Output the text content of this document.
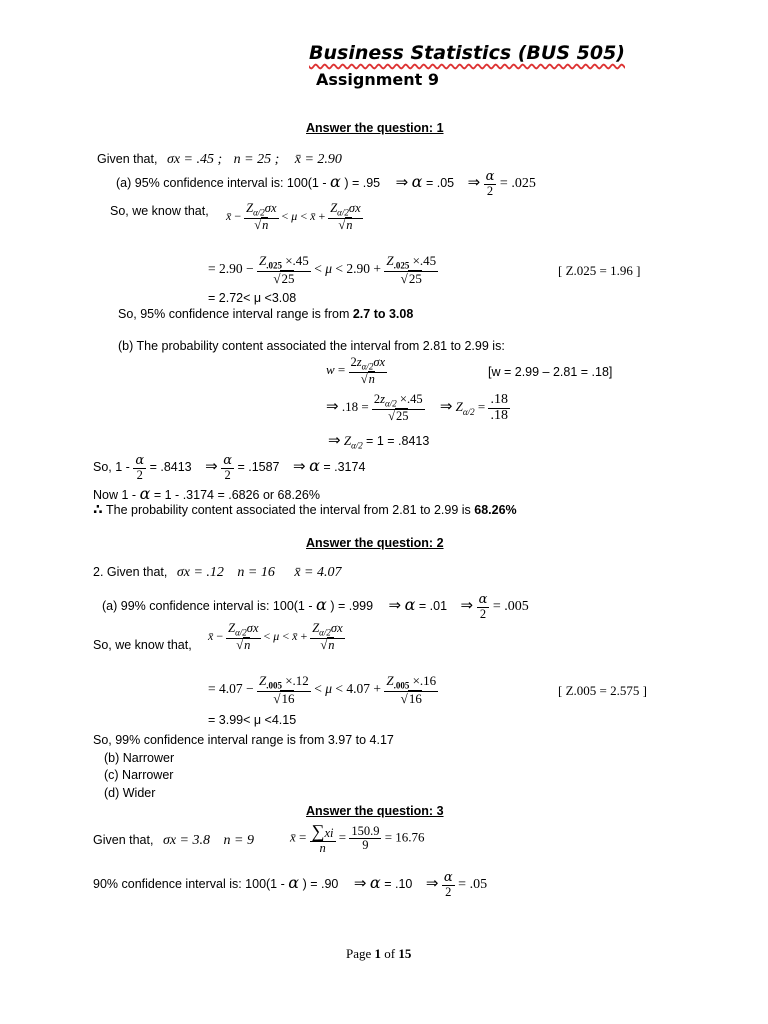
Business Statistics (BUS 505)
Assignment 9
Answer the question: 1
Given that, σx = .45 ; n = 25 ; x̄ = 2.90
(a) 95% confidence interval is: 100(1 - α ) = .95 ⇒ α = .05 ⇒ $\frac{\alpha}{2} = .025$
So, we know that, x̄ − $\frac{Z_{\alpha/2}\sigma x}{√n} < \mu$ < x̄ + $\frac{Z_{\alpha/2}\sigma x}{√n}$
= $2.90 - \frac{Z_{.025} \times.45}{√25} < \mu < 2.90 + \frac{Z_{.025} \times.45}{√25}$	[ Z.025 = 1.96 ]
= 2.72< μ <3.08
So, 95% confidence interval range is from 2.7 to 3.08
(b) The probability content associated the interval from 2.81 to 2.99 is:
$w = \frac{2z_{\alpha/2}\sigma x}{√n}$	[w = 2.99 – 2.81 = .18]
⇒ $.18 = \frac{2z_{\alpha/2} \times.45}{√25}$ ⇒ $Z_{\alpha/2} = \frac{.18}{.18}$
⇒ $Z_{\alpha/2} = 1 = .8413$
So, $1 - \frac{\alpha}{2} = .8413$ ⇒ $\frac{\alpha}{2} = .1587$ ⇒ α = .3174
Now 1 - α = 1 - .3174 = .6826 or 68.26%
∴ The probability content associated the interval from 2.81 to 2.99 is 68.26%
Answer the question: 2
2. Given that, σx = .12 n = 16 x̄ = 4.07
(a) 99% confidence interval is: 100(1 - α ) = .999 ⇒ α = .01 ⇒ $\frac{\alpha}{2} = .005$
So, we know that,
x̄ − $\frac{Z_{\alpha/2}\sigma x}{√n} < \mu$ < x̄ + $\frac{Z_{\alpha/2}\sigma x}{√n}$
= $4.07 - \frac{Z_{.005} \times.12}{√16} < \mu < 4.07 + \frac{Z_{.005} \times.16}{√16}$	[ Z.005 = 2.575 ]
= 3.99< μ <4.15
So, 99% confidence interval range is from 3.97 to 4.17
(b) Narrower
(c) Narrower
(d) Wider
Answer the question: 3
Given that, σx = 3.8 n = 9	x̄ = $\frac{\sum xi}{n} = \frac{150.9}{9} = 16.76$
90% confidence interval is: 100(1 - α ) = .90 ⇒ α = .10 ⇒ $\frac{\alpha}{2} = .05$
Page 1 of 15
